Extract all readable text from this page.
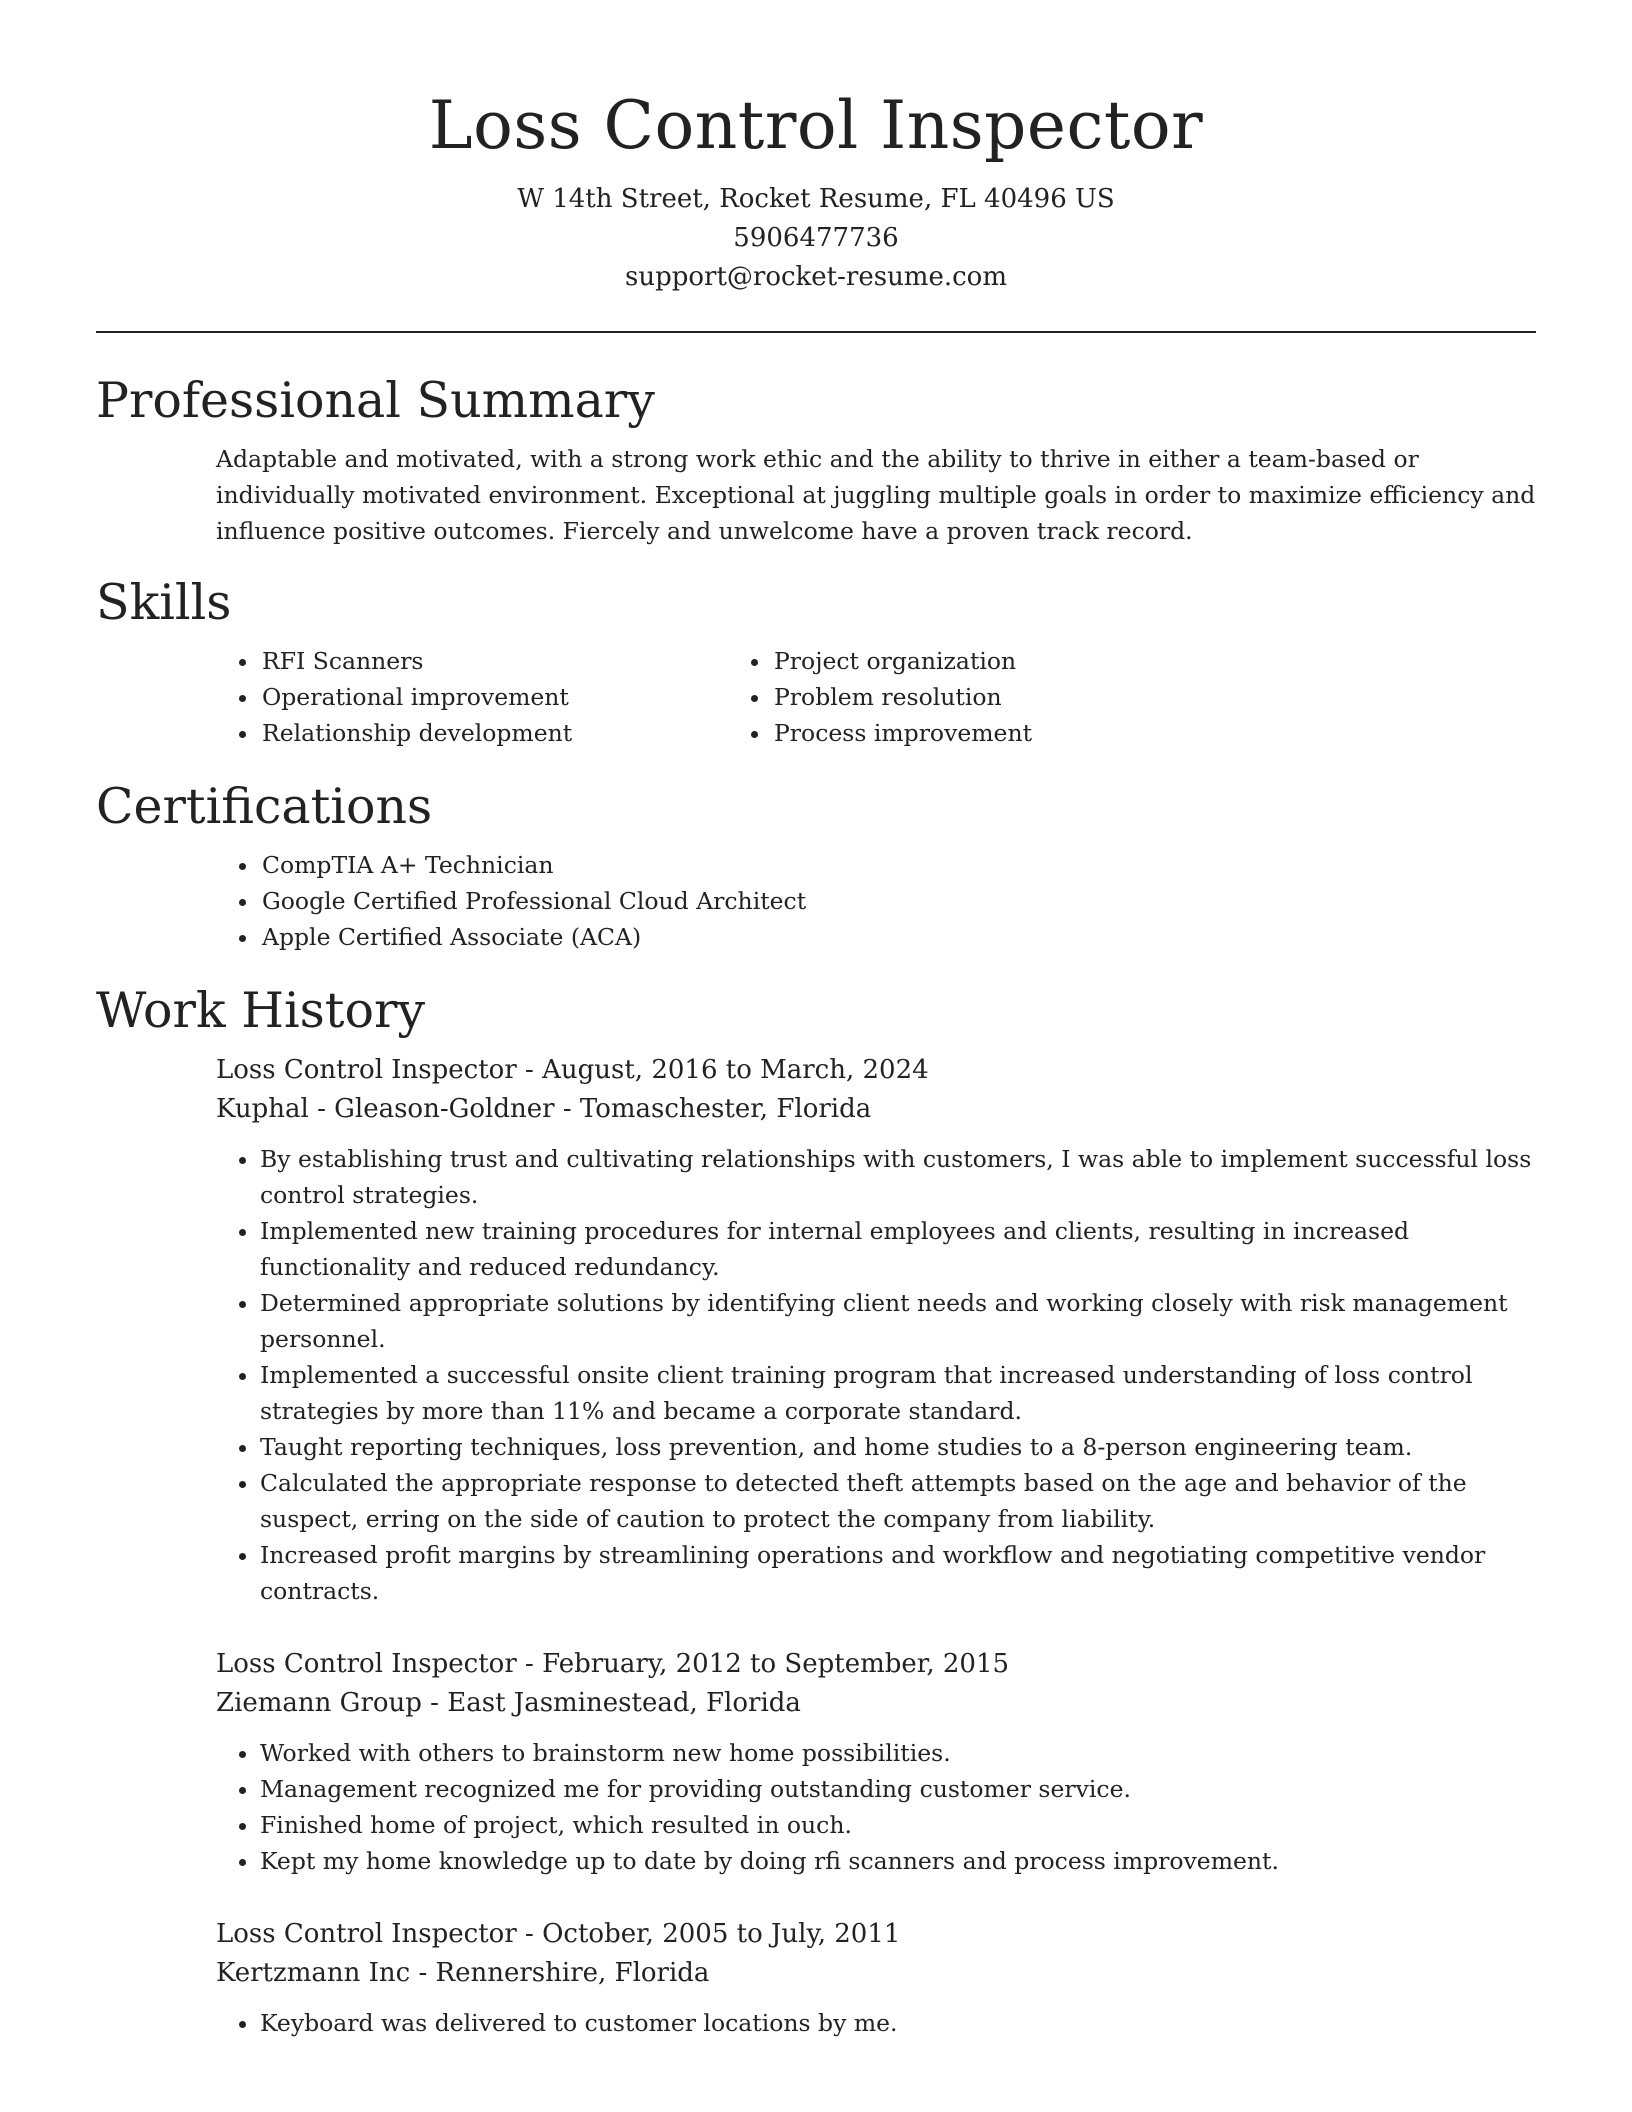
Loss Control Inspector

W 14th Street, Rocket Resume, FL 40496 US

5906477736

support@rocket-resume.com

Professional Summary

Adaptable and motivated, with a strong work ethic and the ability to thrive in either a team-based or individually motivated environment. Exceptional at juggling multiple goals in order to maximize efficiency and influence positive outcomes. Fiercely and unwelcome have a proven track record.

Skills
• RFI Scanners
• Operational improvement
• Relationship development
• Project organization
• Problem resolution
• Process improvement
Certifications
• CompTIA A+ Technician
• Google Certified Professional Cloud Architect
• Apple Certified Associate (ACA)
Work History

Loss Control Inspector - August, 2016 to March, 2024

Kuphal - Gleason-Goldner - Tomaschester, Florida

• By establishing trust and cultivating relationships with customers, I was able to implement successful loss control strategies.
• Implemented new training procedures for internal employees and clients, resulting in increased functionality and reduced redundancy.
• Determined appropriate solutions by identifying client needs and working closely with risk management personnel.
• Implemented a successful onsite client training program that increased understanding of loss control strategies by more than 11% and became a corporate standard.
• Taught reporting techniques, loss prevention, and home studies to a 8-person engineering team.
• Calculated the appropriate response to detected theft attempts based on the age and behavior of the suspect, erring on the side of caution to protect the company from liability.
• Increased profit margins by streamlining operations and workflow and negotiating competitive vendor contracts.

Loss Control Inspector - February, 2012 to September, 2015

Ziemann Group - East Jasminestead, Florida

• Worked with others to brainstorm new home possibilities.
• Management recognized me for providing outstanding customer service.
• Finished home of project, which resulted in ouch.
• Kept my home knowledge up to date by doing rfi scanners and process improvement.

Loss Control Inspector - October, 2005 to July, 2011

Kertzmann Inc - Rennershire, Florida

• Keyboard was delivered to customer locations by me.
